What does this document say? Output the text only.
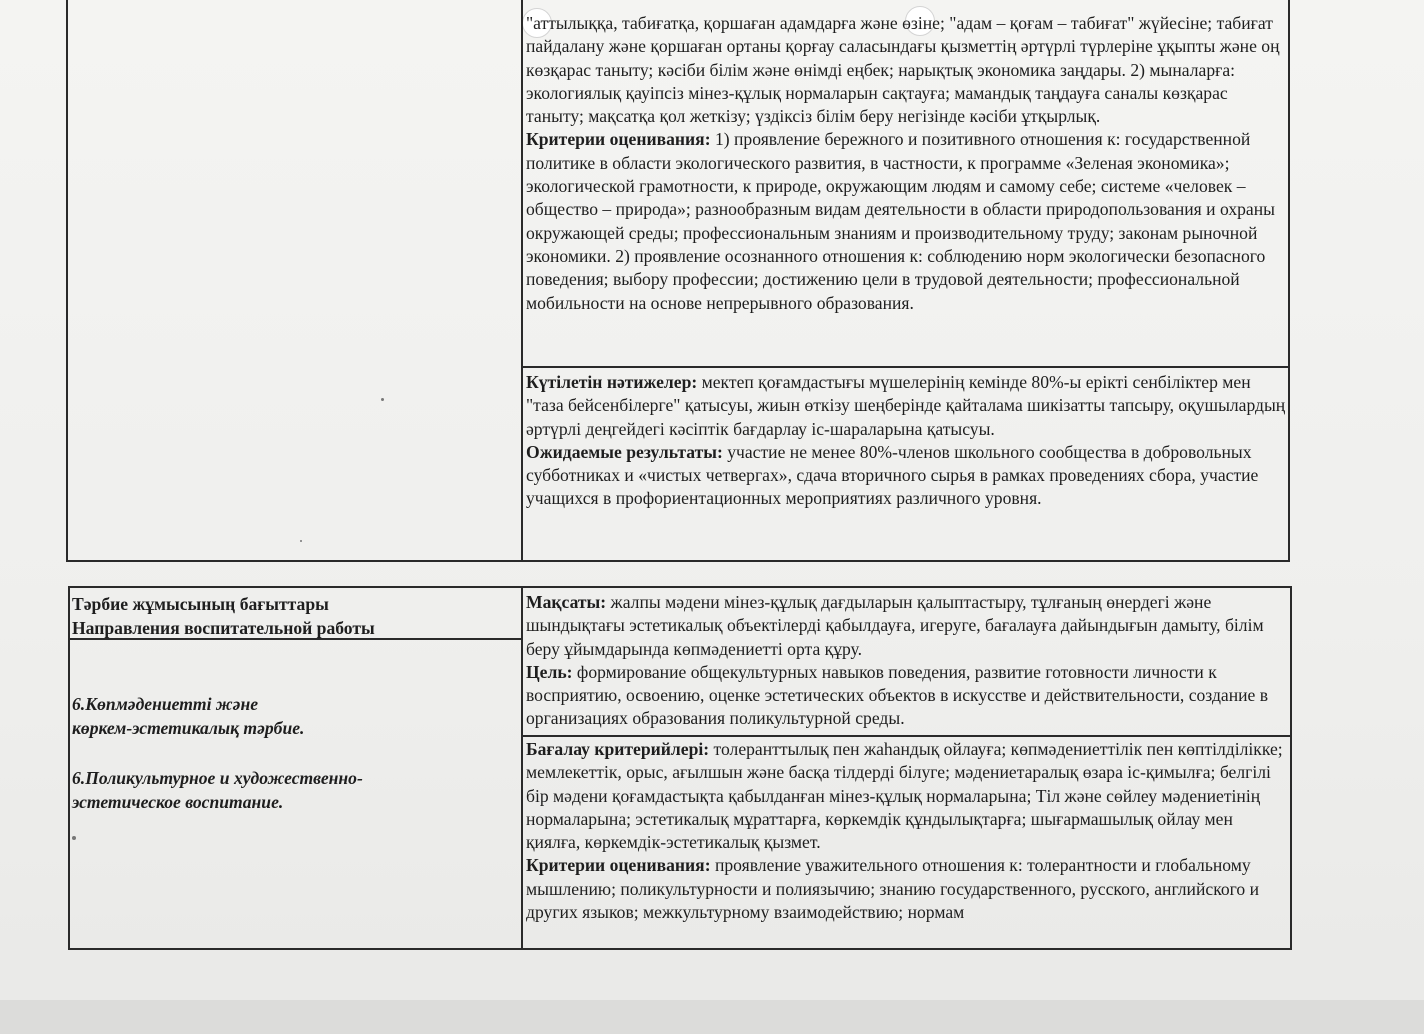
"аттылыққа, табиғатқа, қоршаған адамдарға және өзіне; "адам – қоғам – табиғат" жүйесіне; табиғат пайдалану және қоршаған ортаны қорғау саласындағы қызметтің әртүрлі түрлеріне ұқыпты және оң көзқарас таныту; кәсіби білім және өнімді еңбек; нарықтық экономика заңдары. 2) мыналарға: экологиялық қауіпсіз мінез-құлық нормаларын сақтауға; мамандық таңдауға саналы көзқарас таныту; мақсатқа қол жеткізу; үздіксіз білім беру негізінде кәсіби ұтқырлық.

Критерии оценивания: 1) проявление бережного и позитивного отношения к: государственной политике в области экологического развития, в частности, к программе «Зеленая экономика»; экологической грамотности, к природе, окружающим людям и самому себе; системе «человек – общество – природа»; разнообразным видам деятельности в области природопользования и охраны окружающей среды; профессиональным знаниям и производительному труду; законам рыночной экономики. 2) проявление осознанного отношения к: соблюдению норм экологически безопасного поведения; выбору профессии; достижению цели в трудовой деятельности; профессиональной мобильности на основе непрерывного образования.

Күтілетін нәтижелер: мектеп қоғамдастығы мүшелерінің кемінде 80%-ы ерікті сенбіліктер мен "таза бейсенбілерге" қатысуы, жиын өткізу шеңберінде қайталама шикізатты тапсыру, оқушылардың әртүрлі деңгейдегі кәсіптік бағдарлау іс-шараларына қатысуы.

Ожидаемые результаты: участие не менее 80%-членов школьного сообщества в добровольных субботниках и «чистых четвергах», сдача вторичного сырья в рамках проведениях сбора, участие учащихся в профориентационных мероприятиях различного уровня.

Тәрбие жұмысының бағыттары
Направления воспитательной работы

6.Көпмәдениетті және

көркем-эстетикалық тәрбие.

6.Поликультурное и художественно-

эстетическое воспитание.

Мақсаты: жалпы мәдени мінез-құлық дағдыларын қалыптастыру, тұлғаның өнердегі және шындықтағы эстетикалық объектілерді қабылдауға, игеруге, бағалауға дайындығын дамыту, білім беру ұйымдарында көпмәдениетті орта құру.

Цель: формирование общекультурных навыков поведения, развитие готовности личности к восприятию, освоению, оценке эстетических объектов в искусстве и действительности, создание в организациях образования поликультурной среды.

Бағалау критерийлері: толеранттылық пен жаһандық ойлауға; көпмәдениеттілік пен көптілділікке; мемлекеттік, орыс, ағылшын және басқа тілдерді білуге; мәдениетаралық өзара іс-қимылға; белгілі бір мәдени қоғамдастықта қабылданған мінез-құлық нормаларына; Тіл және сөйлеу мәдениетінің нормаларына; эстетикалық мұраттарға, көркемдік құндылықтарға; шығармашылық ойлау мен қиялға, көркемдік-эстетикалық қызмет.

Критерии оценивания: проявление уважительного отношения к: толерантности и глобальному мышлению; поликультурности и полиязычию; знанию государственного, русского, английского и других языков; межкультурному взаимодействию; нормам
